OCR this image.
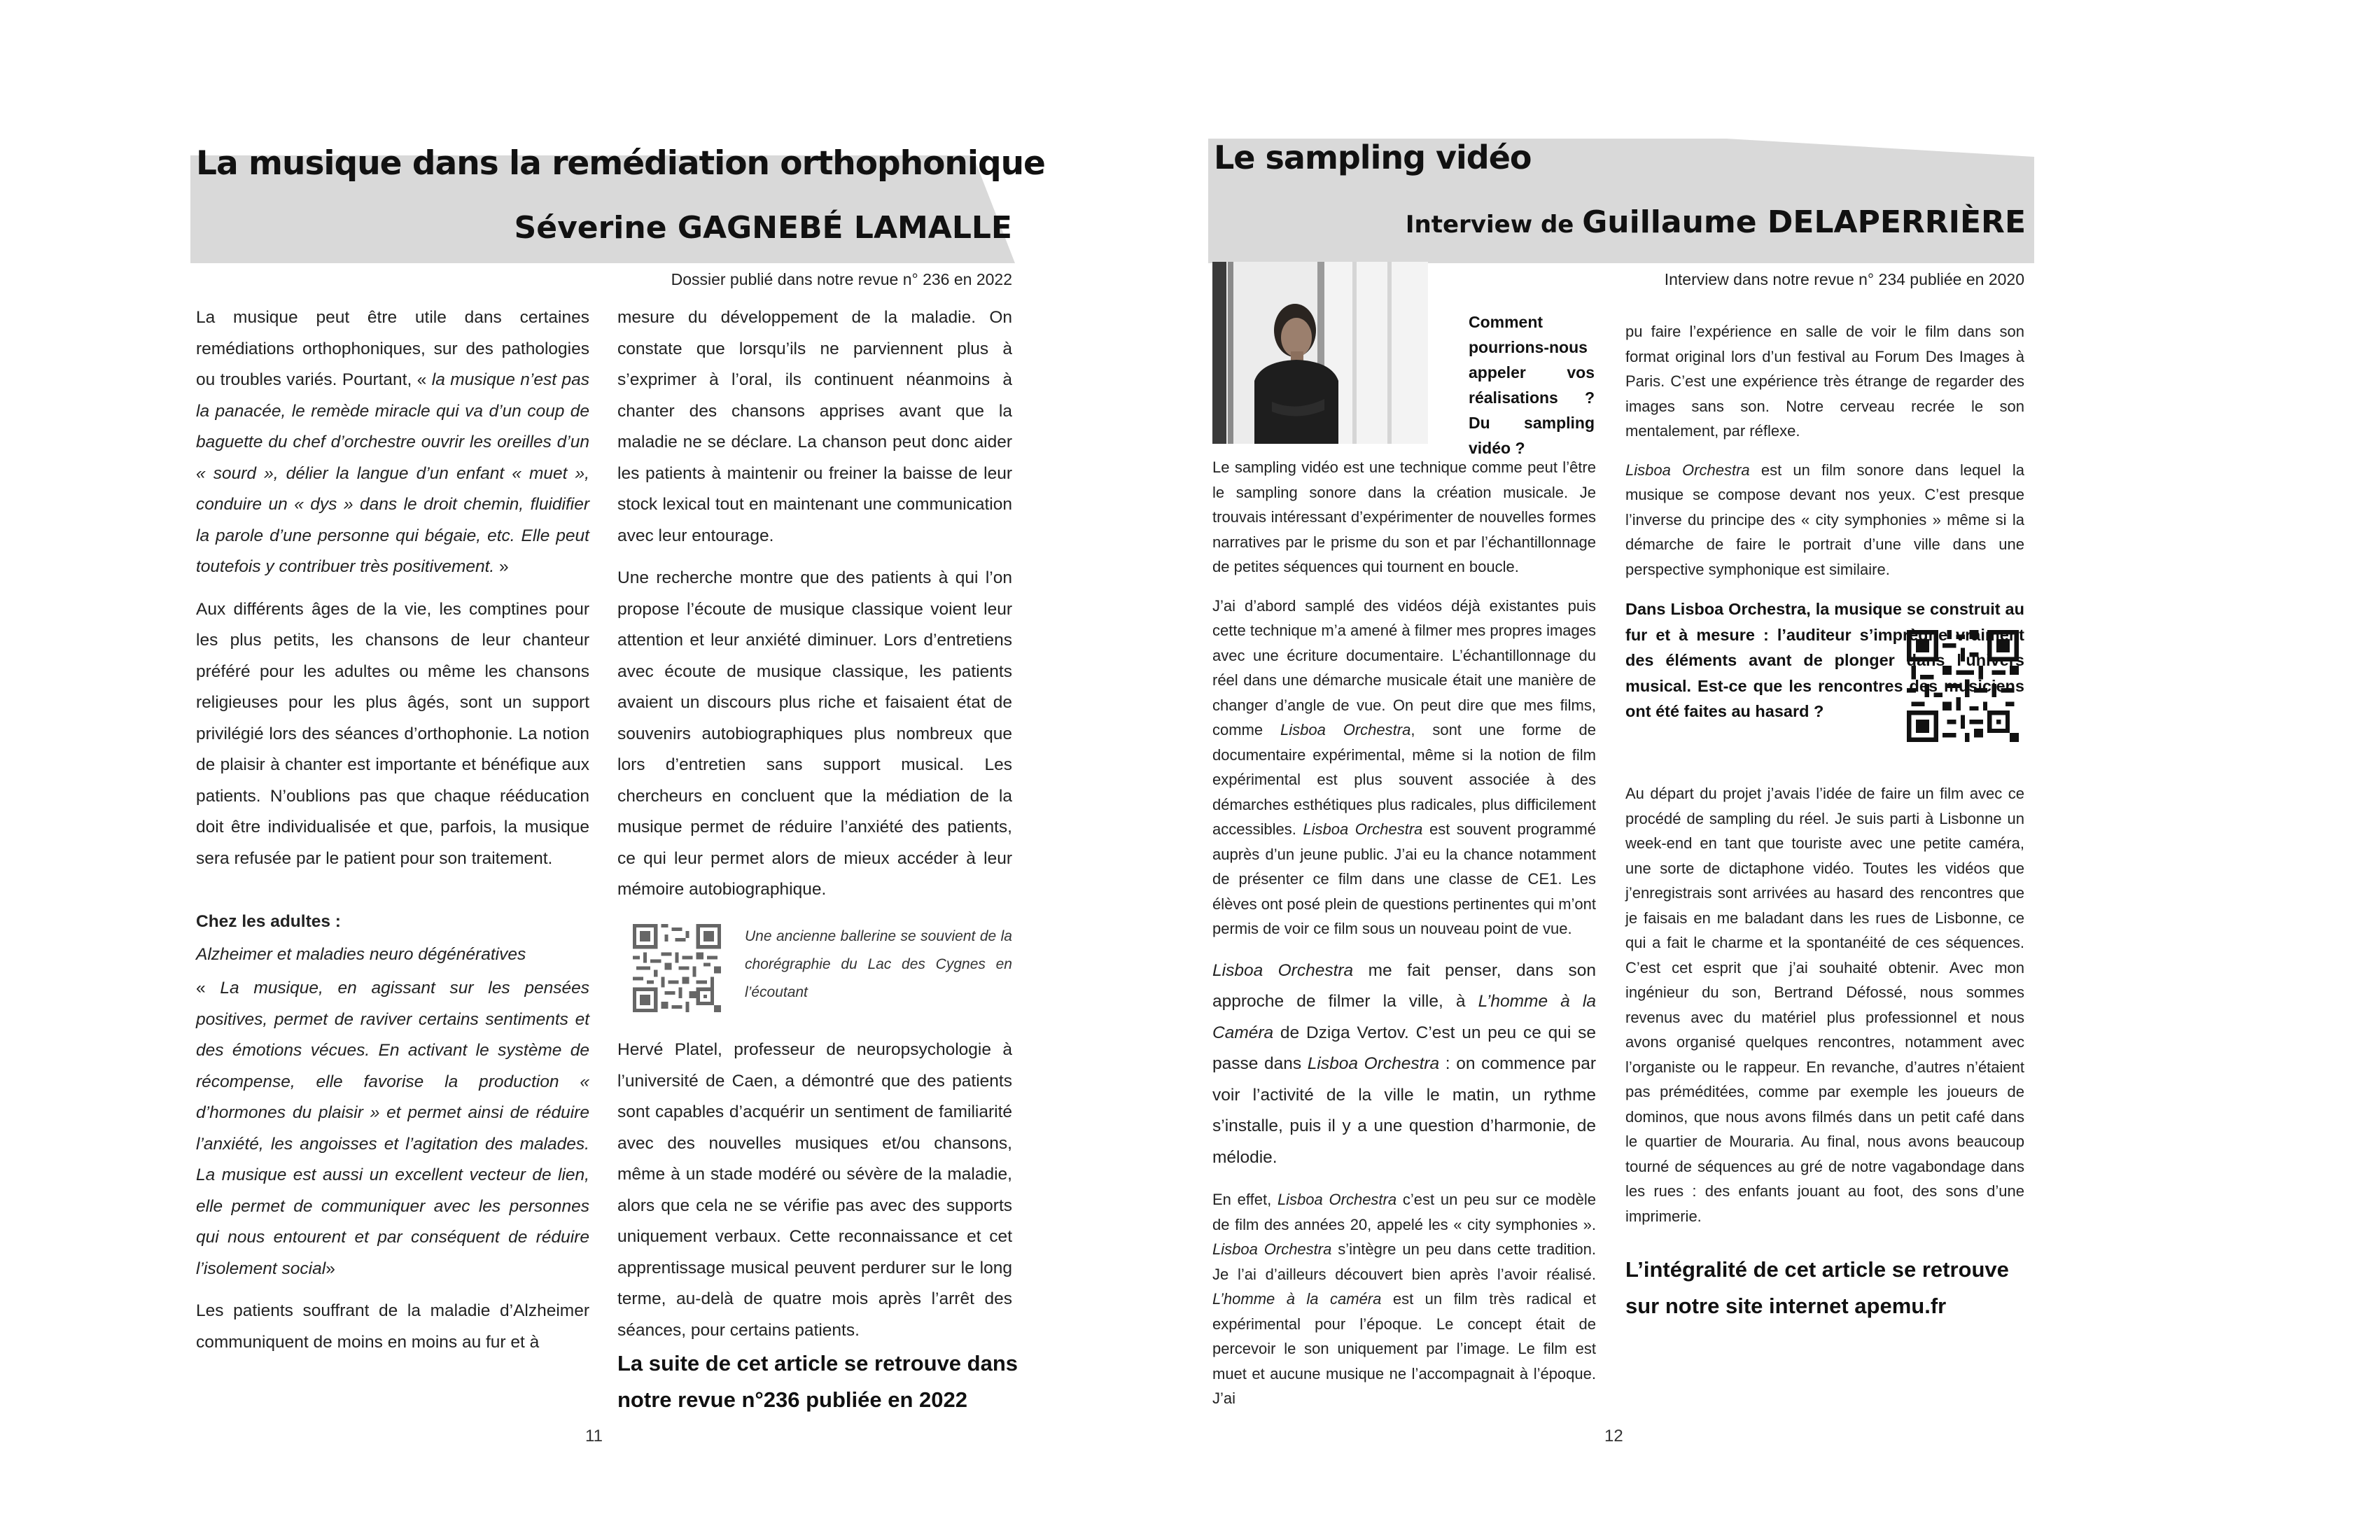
La musique dans la remédiation orthophonique
Séverine GAGNEBÉ LAMALLE
Dossier publié dans notre revue n° 236 en 2022

La musique peut être utile dans certaines remédiations orthophoniques, sur des pathologies ou troubles variés. Pourtant, « la musique n’est pas la panacée, le remède miracle qui va d’un coup de baguette du chef d’orchestre ouvrir les oreilles d’un « sourd », délier la langue d’un enfant « muet », conduire un « dys » dans le droit chemin, fluidifier la parole d’une personne qui bégaie, etc. Elle peut toutefois y contribuer très positivement. »

Aux différents âges de la vie, les comptines pour les plus petits, les chansons de leur chanteur préféré pour les adultes ou même les chansons religieuses pour les plus âgés, sont un support privilégié lors des séances d’orthophonie. La notion de plaisir à chanter est importante et bénéfique aux patients. N’oublions pas que chaque rééducation doit être individualisée et que, parfois, la musique sera refusée par le patient pour son traitement.

Chez les adultes :

Alzheimer et maladies neuro dégénératives

« La musique, en agissant sur les pensées positives, permet de raviver certains sentiments et des émotions vécues. En activant le système de récompense, elle favorise la production « d’hormones du plaisir » et permet ainsi de réduire l’anxiété, les angoisses et l’agitation des malades. La musique est aussi un excellent vecteur de lien, elle permet de communiquer avec les personnes qui nous entourent et par conséquent de réduire l’isolement social»

Les patients souffrant de la maladie d’Alzheimer communiquent de moins en moins au fur et à

mesure du développement de la maladie. On constate que lorsqu’ils ne parviennent plus à s’exprimer à l’oral, ils continuent néanmoins à chanter des chansons apprises avant que la maladie ne se déclare. La chanson peut donc aider les patients à maintenir ou freiner la baisse de leur stock lexical tout en maintenant une communication avec leur entourage.

Une recherche montre que des patients à qui l’on propose l’écoute de musique classique voient leur attention et leur anxiété diminuer. Lors d’entretiens avec écoute de musique classique, les patients avaient un discours plus riche et faisaient état de souvenirs autobiographiques plus nombreux que lors d’entretien sans support musical. Les chercheurs en concluent que la médiation de la musique permet de réduire l’anxiété des patients, ce qui leur permet alors de mieux accéder à leur mémoire autobiographique.

Une ancienne ballerine se souvient de la chorégraphie du Lac des Cygnes en l’écoutant

Hervé Platel, professeur de neuropsychologie à l’université de Caen, a démontré que des patients sont capables d’acquérir un sentiment de familiarité avec des nouvelles musiques et/ou chansons, même à un stade modéré ou sévère de la maladie, alors que cela ne se vérifie pas avec des supports uniquement verbaux. Cette reconnaissance et cet apprentissage musical peuvent perdurer sur le long terme, au-delà de quatre mois après l’arrêt des séances, pour certains patients.

La suite de cet article se retrouve dans notre revue n°236 publiée en 2022
11
Le sampling vidéo
Interview de Guillaume DELAPERRIÈRE
Interview dans notre revue n° 234 publiée en 2020
Comment pourrions-nous appeler vos réalisations ? Du sampling vidéo ?

Le sampling vidéo est une technique comme peut l’être le sampling sonore dans la création musicale. Je trouvais intéressant d’expérimenter de nouvelles formes narratives par le prisme du son et par l’échantillonnage de petites séquences qui tournent en boucle.

J’ai d’abord samplé des vidéos déjà existantes puis cette technique m’a amené à filmer mes propres images avec une écriture documentaire. L’échantillonnage du réel dans une démarche musicale était une manière de changer d’angle de vue. On peut dire que mes films, comme Lisboa Orchestra, sont une forme de documentaire expérimental, même si la notion de film expérimental est plus souvent associée à des démarches esthétiques plus radicales, plus difficilement accessibles. Lisboa Orchestra est souvent programmé auprès d’un jeune public. J’ai eu la chance notamment de présenter ce film dans une classe de CE1. Les élèves ont posé plein de questions pertinentes qui m’ont permis de voir ce film sous un nouveau point de vue.

Lisboa Orchestra me fait penser, dans son approche de filmer la ville, à L’homme à la Caméra de Dziga Vertov. C’est un peu ce qui se passe dans Lisboa Orchestra : on commence par voir l’activité de la ville le matin, un rythme s’installe, puis il y a une question d’harmonie, de mélodie.

En effet, Lisboa Orchestra c’est un peu sur ce modèle de film des années 20, appelé les « city symphonies ». Lisboa Orchestra s’intègre un peu dans cette tradition. Je l’ai d’ailleurs découvert bien après l’avoir réalisé. L’homme à la caméra est un film très radical et expérimental pour l’époque. Le concept était de percevoir le son uniquement par l’image. Le film est muet et aucune musique ne l’accompagnait à l’époque. J’ai

pu faire l’expérience en salle de voir le film dans son format original lors d’un festival au Forum Des Images à Paris. C’est une expérience très étrange de regarder des images sans son. Notre cerveau recrée le son mentalement, par réflexe.

Lisboa Orchestra est un film sonore dans lequel la musique se compose devant nos yeux. C’est presque l’inverse du principe des « city symphonies » même si la démarche de faire le portrait d’une ville dans une perspective symphonique est similaire.

Dans Lisboa Orchestra, la musique se construit au fur et à mesure : l’auditeur s’imprègne vraiment des éléments avant de plonger dans l’univers musical. Est-ce que les rencontres des musiciens ont été faites au hasard ?

Au départ du projet j’avais l’idée de faire un film avec ce procédé de sampling du réel. Je suis parti à Lisbonne un week-end en tant que touriste avec une petite caméra, une sorte de dictaphone vidéo. Toutes les vidéos que j’enregistrais sont arrivées au hasard des rencontres que je faisais en me baladant dans les rues de Lisbonne, ce qui a fait le charme et la spontanéité de ces séquences. C’est cet esprit que j’ai souhaité obtenir. Avec mon ingénieur du son, Bertrand Défossé, nous sommes revenus avec du matériel plus professionnel et nous avons organisé quelques rencontres, notamment avec l’organiste ou le rappeur. En revanche, d’autres n’étaient pas préméditées, comme par exemple les joueurs de dominos, que nous avons filmés dans un petit café dans le quartier de Mouraria. Au final, nous avons beaucoup tourné de séquences au gré de notre vagabondage dans les rues : des enfants jouant au foot, des sons d’une imprimerie.

L’intégralité de cet article se retrouve sur notre site internet apemu.fr
12
